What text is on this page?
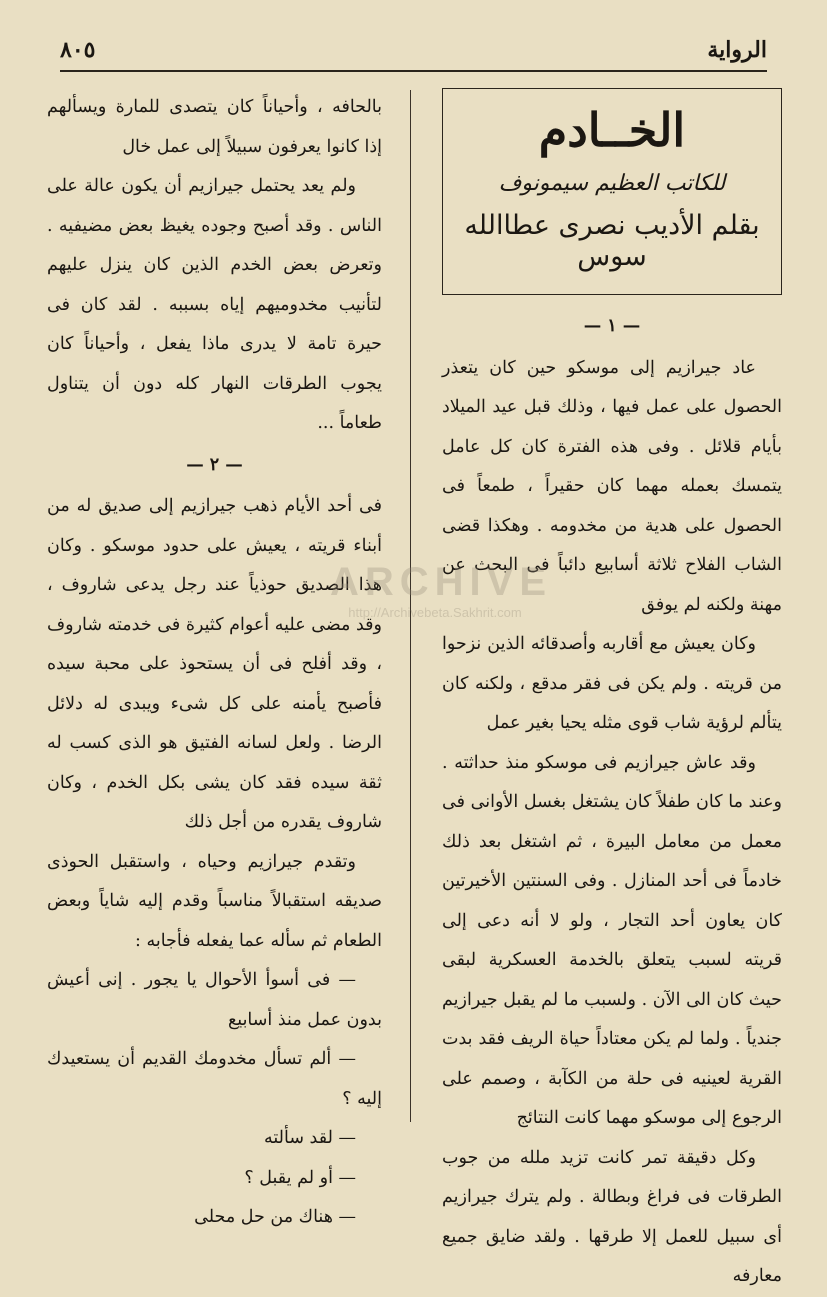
٨٠٥	الرواية
الخــادم
للكاتب العظيم سيمونوف
بقلم الأديب نصرى عطاالله سوس
— ١ —

عاد جيرازيم إلى موسكو حين كان يتعذر الحصول على عمل فيها ، وذلك قبل عيد الميلاد بأيام قلائل . وفى هذه الفترة كان كل عامل يتمسك بعمله مهما كان حقيراً ، طمعاً فى الحصول على هدية من مخدومه . وهكذا قضى الشاب الفلاح ثلاثة أسابيع دائباً فى البحث عن مهنة ولكنه لم يوفق

وكان يعيش مع أقاربه وأصدقائه الذين نزحوا من قريته . ولم يكن فى فقر مدقع ، ولكنه كان يتألم لرؤية شاب قوى مثله يحيا بغير عمل

وقد عاش جيرازيم فى موسكو منذ حداثته . وعند ما كان طفلاً كان يشتغل بغسل الأوانى فى معمل من معامل البيرة ، ثم اشتغل بعد ذلك خادماً فى أحد المنازل . وفى السنتين الأخيرتين كان يعاون أحد التجار ، ولو لا أنه دعى إلى قريته لسبب يتعلق بالخدمة العسكرية لبقى حيث كان الى الآن . ولسبب ما لم يقبل جيرازيم جندياً . ولما لم يكن معتاداً حياة الريف فقد بدت القرية لعينيه فى حلة من الكآبة ، وصمم على الرجوع إلى موسكو مهما كانت النتائج

وكل دقيقة تمر كانت تزيد ملله من جوب الطرقات فى فراغ وبطالة . ولم يترك جيرازيم أى سبيل للعمل إلا طرقها . ولقد ضايق جميع معارفه

بالحافه ، وأحياناً كان يتصدى للمارة ويسألهم إذا كانوا يعرفون سبيلاً إلى عمل خال

ولم يعد يحتمل جيرازيم أن يكون عالة على الناس . وقد أصبح وجوده يغيظ بعض مضيفيه . وتعرض بعض الخدم الذين كان ينزل عليهم لتأنيب مخدوميهم إياه بسببه . لقد كان فى حيرة تامة لا يدرى ماذا يفعل ، وأحياناً كان يجوب الطرقات النهار كله دون أن يتناول طعاماً ...

— ٢ —

فى أحد الأيام ذهب جيرازيم إلى صديق له من أبناء قريته ، يعيش على حدود موسكو . وكان هذا الصديق حوذياً عند رجل يدعى شاروف ، وقد مضى عليه أعوام كثيرة فى خدمته شاروف ، وقد أفلح فى أن يستحوذ على محبة سيده فأصبح يأمنه على كل شىء ويبدى له دلائل الرضا . ولعل لسانه الفتيق هو الذى كسب له ثقة سيده فقد كان يشى بكل الخدم ، وكان شاروف يقدره من أجل ذلك

وتقدم جيرازيم وحياه ، واستقبل الحوذى صديقه استقبالاً مناسباً وقدم إليه شاياً وبعض الطعام ثم سأله عما يفعله فأجابه :

— فى أسوأ الأحوال يا يجور . إنى أعيش بدون عمل منذ أسابيع
— ألم تسأل مخدومك القديم أن يستعيدك إليه ؟
— لقد سألته
— أو لم يقبل ؟
— هناك من حل محلى
ARCHIVE
http://Archivebeta.Sakhrit.com
